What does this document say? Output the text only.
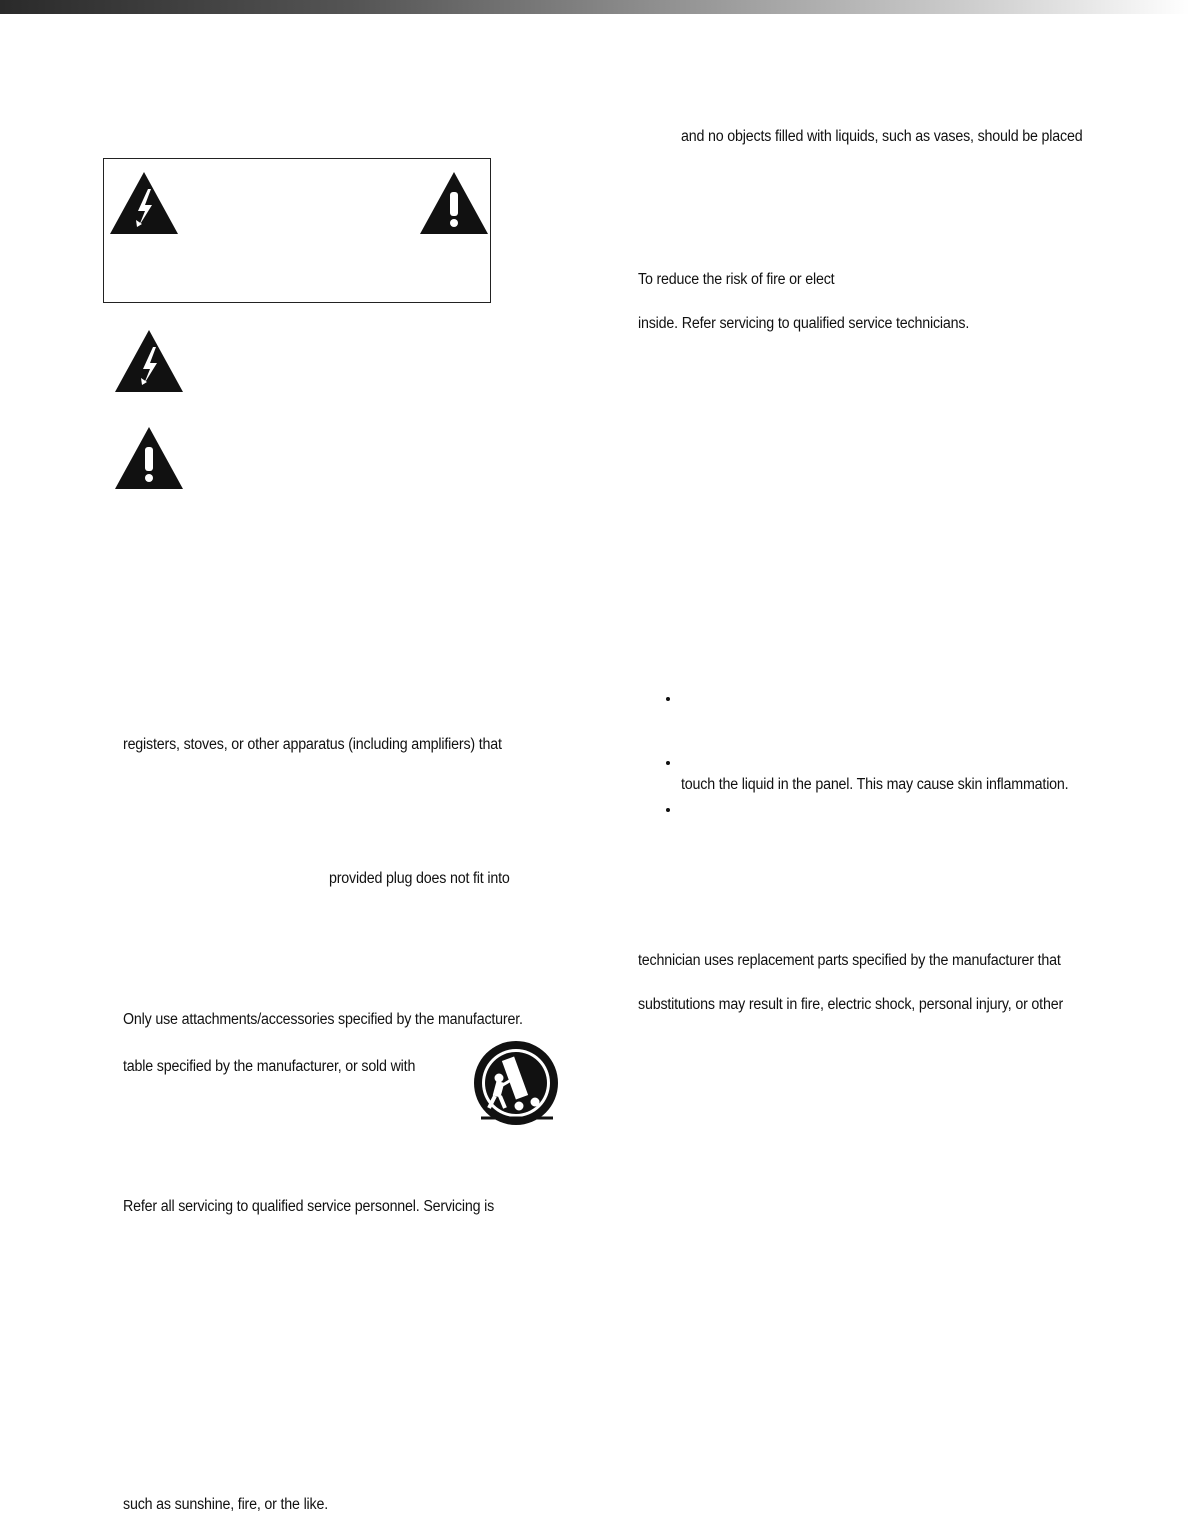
registers, stoves, or other apparatus (including amplifiers) that

provided plug does not fit into

Only use attachments/accessories specified by the manufacturer.

table specified by the manufacturer, or sold with

Refer all servicing to qualified service personnel. Servicing is

such as sunshine, fire, or the like.

and no objects filled with liquids, such as vases, should be placed

To reduce the risk of fire or elect

inside. Refer servicing to qualified service technicians.

touch the liquid in the panel. This may cause skin inflammation.

technician uses replacement parts specified by the manufacturer that

substitutions may result in fire, electric shock, personal injury, or other
